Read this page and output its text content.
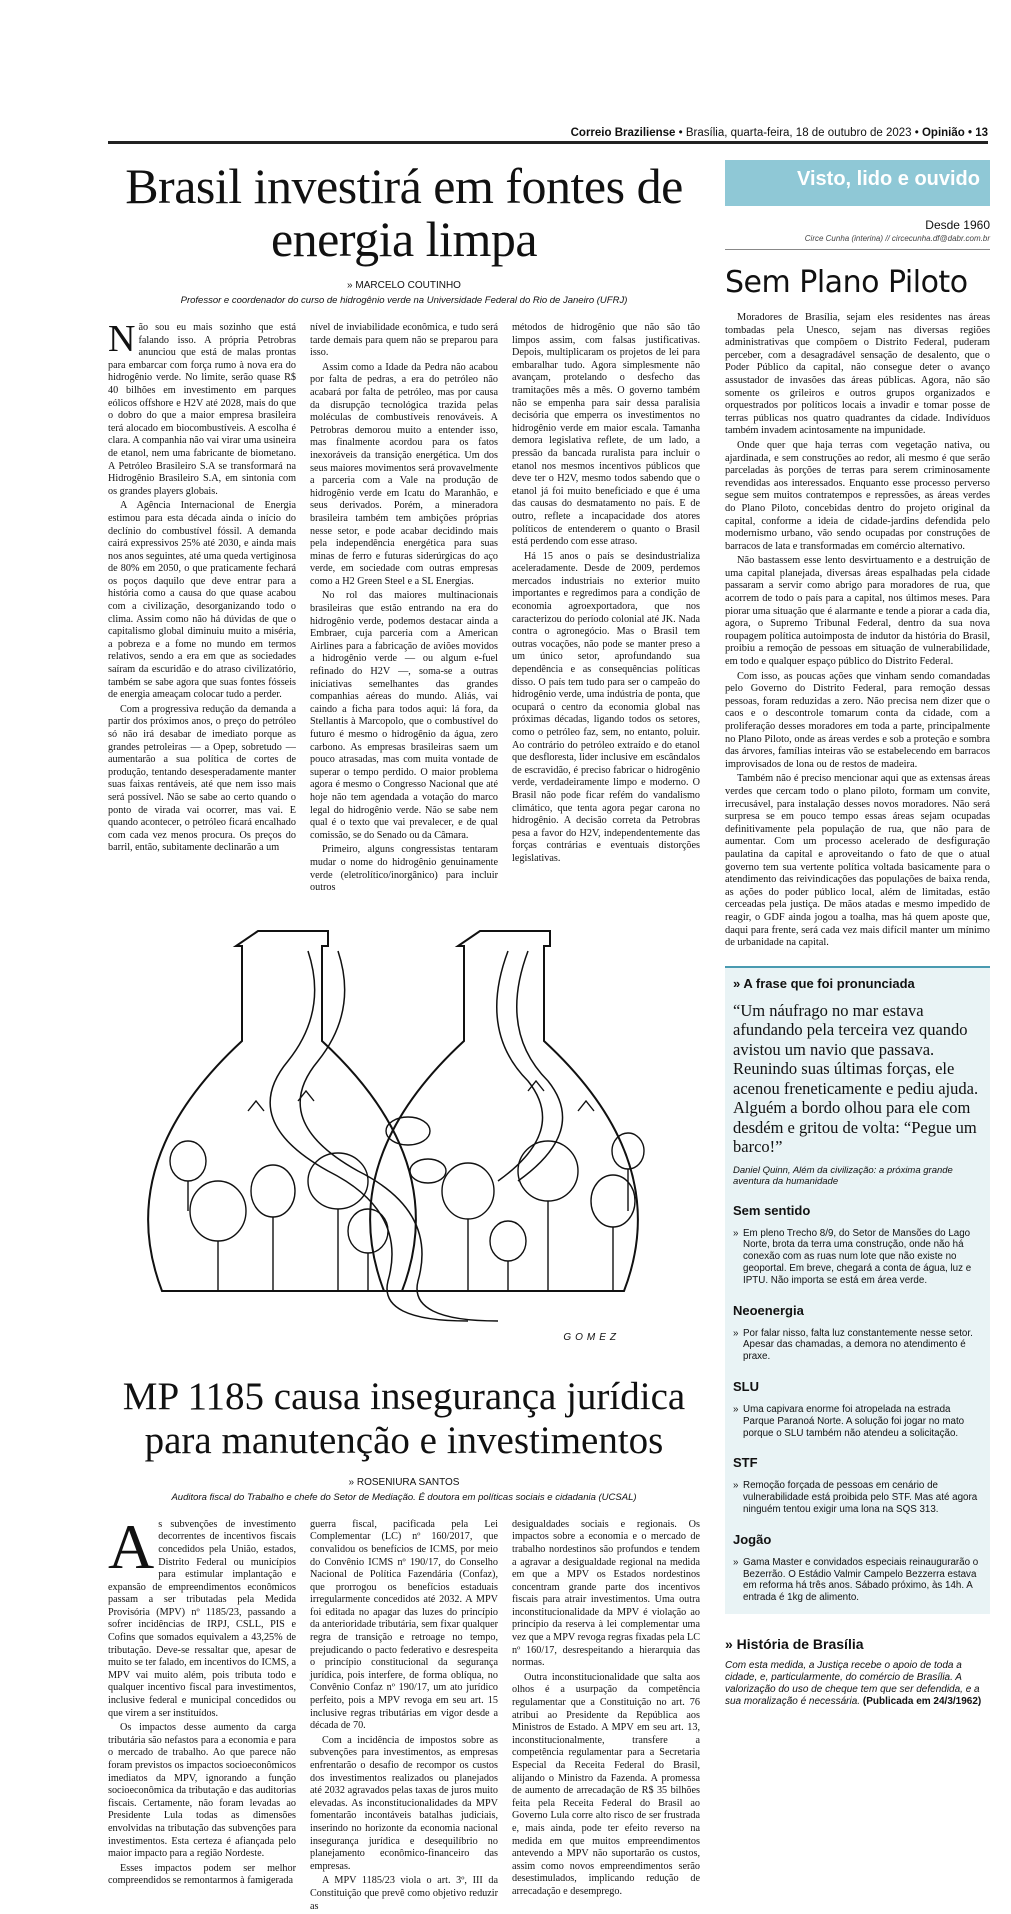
Correio Braziliense • Brasília, quarta-feira, 18 de outubro de 2023 • Opinião • 13
Brasil investirá em fontes de energia limpa
» MARCELO COUTINHO
Professor e coordenador do curso de hidrogênio verde na Universidade Federal do Rio de Janeiro (UFRJ)

Não sou eu mais sozinho que está falando isso. A própria Petrobras anunciou que está de malas prontas para embarcar com força rumo à nova era do hidrogênio verde. No limite, serão quase R$ 40 bilhões em investimento em parques eólicos offshore e H2V até 2028, mais do que o dobro do que a maior empresa brasileira terá alocado em biocombustíveis. A escolha é clara. A companhia não vai virar uma usineira de etanol, nem uma fabricante de biometano. A Petróleo Brasileiro S.A se transformará na Hidrogênio Brasileiro S.A, em sintonia com os grandes players globais.

A Agência Internacional de Energia estimou para esta década ainda o início do declínio do combustível fóssil. A demanda cairá expressivos 25% até 2030, e ainda mais nos anos seguintes, até uma queda vertiginosa de 80% em 2050, o que praticamente fechará os poços daquilo que deve entrar para a história como a causa do que quase acabou com a civilização, desorganizando todo o clima. Assim como não há dúvidas de que o capitalismo global diminuiu muito a miséria, a pobreza e a fome no mundo em termos relativos, sendo a era em que as sociedades saíram da escuridão e do atraso civilizatório, também se sabe agora que suas fontes fósseis de energia ameaçam colocar tudo a perder.

Com a progressiva redução da demanda a partir dos próximos anos, o preço do petróleo só não irá desabar de imediato porque as grandes petroleiras — a Opep, sobretudo — aumentarão a sua política de cortes de produção, tentando desesperadamente manter suas faixas rentáveis, até que nem isso mais será possível. Não se sabe ao certo quando o ponto de virada vai ocorrer, mas vai. E quando acontecer, o petróleo ficará encalhado com cada vez menos procura. Os preços do barril, então, subitamente declinarão a um

nível de inviabilidade econômica, e tudo será tarde demais para quem não se preparou para isso.

Assim como a Idade da Pedra não acabou por falta de pedras, a era do petróleo não acabará por falta de petróleo, mas por causa da disrupção tecnológica trazida pelas moléculas de combustíveis renováveis. A Petrobras demorou muito a entender isso, mas finalmente acordou para os fatos inexoráveis da transição energética. Um dos seus maiores movimentos será provavelmente a parceria com a Vale na produção de hidrogênio verde em Icatu do Maranhão, e seus derivados. Porém, a mineradora brasileira também tem ambições próprias nesse setor, e pode acabar decidindo mais pela independência energética para suas minas de ferro e futuras siderúrgicas do aço verde, em sociedade com outras empresas como a H2 Green Steel e a SL Energias.

No rol das maiores multinacionais brasileiras que estão entrando na era do hidrogênio verde, podemos destacar ainda a Embraer, cuja parceria com a American Airlines para a fabricação de aviões movidos a hidrogênio verde — ou algum e-fuel refinado do H2V —, soma-se a outras iniciativas semelhantes das grandes companhias aéreas do mundo. Aliás, vai caindo a ficha para todos aqui: lá fora, da Stellantis à Marcopolo, que o combustível do futuro é mesmo o hidrogênio da água, zero carbono. As empresas brasileiras saem um pouco atrasadas, mas com muita vontade de superar o tempo perdido. O maior problema agora é mesmo o Congresso Nacional que até hoje não tem agendada a votação do marco legal do hidrogênio verde. Não se sabe nem qual é o texto que vai prevalecer, e de qual comissão, se do Senado ou da Câmara.

Primeiro, alguns congressistas tentaram mudar o nome do hidrogênio genuinamente verde (eletrolítico/inorgânico) para incluir outros

métodos de hidrogênio que não são tão limpos assim, com falsas justificativas. Depois, multiplicaram os projetos de lei para embaralhar tudo. Agora simplesmente não avançam, protelando o desfecho das tramitações mês a mês. O governo também não se empenha para sair dessa paralisia decisória que emperra os investimentos no hidrogênio verde em maior escala. Tamanha demora legislativa reflete, de um lado, a pressão da bancada ruralista para incluir o etanol nos mesmos incentivos públicos que deve ter o H2V, mesmo todos sabendo que o etanol já foi muito beneficiado e que é uma das causas do desmatamento no país. E de outro, reflete a incapacidade dos atores políticos de entenderem o quanto o Brasil está perdendo com esse atraso.

Há 15 anos o país se desindustrializa aceleradamente. Desde de 2009, perdemos mercados industriais no exterior muito importantes e regredimos para a condição de economia agroexportadora, que nos caracterizou do período colonial até JK. Nada contra o agronegócio. Mas o Brasil tem outras vocações, não pode se manter preso a um único setor, aprofundando sua dependência e as consequências políticas disso. O país tem tudo para ser o campeão do hidrogênio verde, uma indústria de ponta, que ocupará o centro da economia global nas próximas décadas, ligando todos os setores, como o petróleo faz, sem, no entanto, poluir. Ao contrário do petróleo extraído e do etanol que desfloresta, lider inclusive em escândalos de escravidão, é preciso fabricar o hidrogênio verde, verdadeiramente limpo e moderno. O Brasil não pode ficar refém do vandalismo climático, que tenta agora pegar carona no hidrogênio. A decisão correta da Petrobras pesa a favor do H2V, independentemente das forças contrárias e eventuais distorções legislativas.

GOMEZ
MP 1185 causa insegurança jurídica para manutenção e investimentos
» ROSENIURA SANTOS
Auditora fiscal do Trabalho e chefe do Setor de Mediação. É doutora em políticas sociais e cidadania (UCSAL)

As subvenções de investimento decorrentes de incentivos fiscais concedidos pela União, estados, Distrito Federal ou municípios para estimular implantação e expansão de empreendimentos econômicos passam a ser tributadas pela Medida Provisória (MPV) nº 1185/23, passando a sofrer incidências de IRPJ, CSLL, PIS e Cofins que somados equivalem a 43,25% de tributação. Deve-se ressaltar que, apesar de muito se ter falado, em incentivos do ICMS, a MPV vai muito além, pois tributa todo e qualquer incentivo fiscal para investimentos, inclusive federal e municipal concedidos ou que virem a ser instituídos.

Os impactos desse aumento da carga tributária são nefastos para a economia e para o mercado de trabalho. Ao que parece não foram previstos os impactos socioeconômicos imediatos da MPV, ignorando a função socioeconômica da tributação e das auditorias fiscais. Certamente, não foram levadas ao Presidente Lula todas as dimensões envolvidas na tributação das subvenções para investimentos. Esta certeza é afiançada pelo maior impacto para a região Nordeste.

Esses impactos podem ser melhor compreendidos se remontarmos à famigerada

guerra fiscal, pacificada pela Lei Complementar (LC) nº 160/2017, que convalidou os benefícios de ICMS, por meio do Convênio ICMS nº 190/17, do Conselho Nacional de Política Fazendária (Confaz), que prorrogou os benefícios estaduais irregularmente concedidos até 2032. A MPV foi editada no apagar das luzes do princípio da anterioridade tributária, sem fixar qualquer regra de transição e retroage no tempo, prejudicando o pacto federativo e desrespeita o princípio constitucional da segurança jurídica, pois interfere, de forma oblíqua, no Convênio Confaz nº 190/17, um ato jurídico perfeito, pois a MPV revoga em seu art. 15 inclusive regras tributárias em vigor desde a década de 70.

Com a incidência de impostos sobre as subvenções para investimentos, as empresas enfrentarão o desafio de recompor os custos dos investimentos realizados ou planejados até 2032 agravados pelas taxas de juros muito elevadas. As inconstitucionalidades da MPV fomentarão incontáveis batalhas judiciais, inserindo no horizonte da economia nacional insegurança jurídica e desequilíbrio no planejamento econômico-financeiro das empresas.

A MPV 1185/23 viola o art. 3º, III da Constituição que prevê como objetivo reduzir as

desigualdades sociais e regionais. Os impactos sobre a economia e o mercado de trabalho nordestinos são profundos e tendem a agravar a desigualdade regional na medida em que a MPV os Estados nordestinos concentram grande parte dos incentivos fiscais para atrair investimentos. Uma outra inconstitucionalidade da MPV é violação ao princípio da reserva à lei complementar uma vez que a MPV revoga regras fixadas pela LC nº 160/17, desrespeitando a hierarquia das normas.

Outra inconstitucionalidade que salta aos olhos é a usurpação da competência regulamentar que a Constituição no art. 76 atribui ao Presidente da República aos Ministros de Estado. A MPV em seu art. 13, inconstitucionalmente, transfere a competência regulamentar para a Secretaria Especial da Receita Federal do Brasil, alijando o Ministro da Fazenda. A promessa de aumento de arrecadação de R$ 35 bilhões feita pela Receita Federal do Brasil ao Governo Lula corre alto risco de ser frustrada e, mais ainda, pode ter efeito reverso na medida em que muitos empreendimentos antevendo a MPV não suportarão os custos, assim como novos empreendimentos serão desestimulados, implicando redução de arrecadação e desemprego.

Visto, lido e ouvido
Desde 1960
Circe Cunha (interina) // circecunha.df@dabr.com.br
Sem Plano Piloto

Moradores de Brasília, sejam eles residentes nas áreas tombadas pela Unesco, sejam nas diversas regiões administrativas que compõem o Distrito Federal, puderam perceber, com a desagradável sensação de desalento, que o Poder Público da capital, não consegue deter o avanço assustador de invasões das áreas públicas. Agora, não são somente os grileiros e outros grupos organizados e orquestrados por políticos locais a invadir e tomar posse de terras públicas nos quatro quadrantes da cidade. Indivíduos também invadem acintosamente na impunidade.

Onde quer que haja terras com vegetação nativa, ou ajardinada, e sem construções ao redor, ali mesmo é que serão parceladas às porções de terras para serem criminosamente revendidas aos interessados. Enquanto esse processo perverso segue sem muitos contratempos e repressões, as áreas verdes do Plano Piloto, concebidas dentro do projeto original da capital, conforme a ideia de cidade-jardins defendida pelo modernismo urbano, vão sendo ocupadas por construções de barracos de lata e transformadas em comércio alternativo.

Não bastassem esse lento desvirtuamento e a destruição de uma capital planejada, diversas áreas espalhadas pela cidade passaram a servir como abrigo para moradores de rua, que acorrem de todo o país para a capital, nos últimos meses. Para piorar uma situação que é alarmante e tende a piorar a cada dia, agora, o Supremo Tribunal Federal, dentro da sua nova roupagem política autoimposta de indutor da história do Brasil, proibiu a remoção de pessoas em situação de vulnerabilidade, em todo e qualquer espaço público do Distrito Federal.

Com isso, as poucas ações que vinham sendo comandadas pelo Governo do Distrito Federal, para remoção dessas pessoas, foram reduzidas a zero. Não precisa nem dizer que o caos e o descontrole tomarum conta da cidade, com a proliferação desses moradores em toda a parte, principalmente no Plano Piloto, onde as áreas verdes e sob a proteção e sombra das árvores, famílias inteiras vão se estabelecendo em barracos improvisados de lona ou de restos de madeira.

Também não é preciso mencionar aqui que as extensas áreas verdes que cercam todo o plano piloto, formam um convite, irrecusável, para instalação desses novos moradores. Não será surpresa se em pouco tempo essas áreas sejam ocupadas definitivamente pela população de rua, que não para de aumentar. Com um processo acelerado de desfiguração paulatina da capital e aproveitando o fato de que o atual governo tem sua vertente política voltada basicamente para o atendimento das reivindicações das populações de baixa renda, as ações do poder público local, além de limitadas, estão cerceadas pela justiça. De mãos atadas e mesmo impedido de reagir, o GDF ainda jogou a toalha, mas há quem aposte que, daqui para frente, será cada vez mais difícil manter um mínimo de urbanidade na capital.

» A frase que foi pronunciada
“Um náufrago no mar estava afundando pela terceira vez quando avistou um navio que passava. Reunindo suas últimas forças, ele acenou freneticamente e pediu ajuda. Alguém a bordo olhou para ele com desdém e gritou de volta: “Pegue um barco!”
Daniel Quinn, Além da civilização: a próxima grande aventura da humanidade
Sem sentido
» Em pleno Trecho 8/9, do Setor de Mansões do Lago Norte, brota da terra uma construção, onde não há conexão com as ruas num lote que não existe no geoportal. Em breve, chegará a conta de água, luz e IPTU. Não importa se está em área verde.
Neoenergia
» Por falar nisso, falta luz constantemente nesse setor. Apesar das chamadas, a demora no atendimento é praxe.
SLU
» Uma capivara enorme foi atropelada na estrada Parque Paranoá Norte. A solução foi jogar no mato porque o SLU também não atendeu a solicitação.
STF
» Remoção forçada de pessoas em cenário de vulnerabilidade está proibida pelo STF. Mas até agora ninguém tentou exigir uma lona na SQS 313.
Jogão
» Gama Master e convidados especiais reinaugurarão o Bezerrão. O Estádio Valmir Campelo Bezzerra estava em reforma há três anos. Sábado próximo, às 14h. A entrada é 1kg de alimento.
» História de Brasília
Com esta medida, a Justiça recebe o apoio de toda a cidade, e, particularmente, do comércio de Brasília. A valorização do uso de cheque tem que ser defendida, e a sua moralização é necessária. (Publicada em 24/3/1962)
